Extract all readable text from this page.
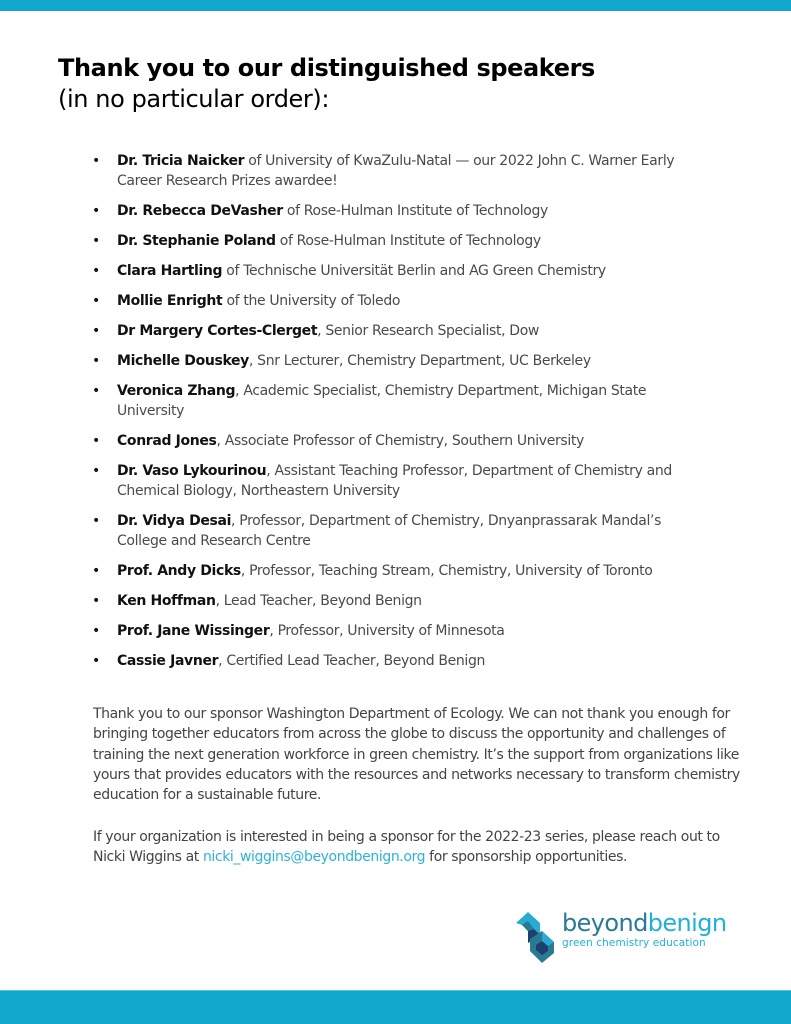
Thank you to our distinguished speakers
(in no particular order):
• Dr. Tricia Naicker of University of KwaZulu-Natal — our 2022 John C. Warner Early Career Research Prizes awardee!
• Dr. Rebecca DeVasher of Rose-Hulman Institute of Technology
• Dr. Stephanie Poland of Rose-Hulman Institute of Technology
• Clara Hartling of Technische Universität Berlin and AG Green Chemistry
• Mollie Enright of the University of Toledo
• Dr Margery Cortes-Clerget, Senior Research Specialist, Dow
• Michelle Douskey, Snr Lecturer, Chemistry Department, UC Berkeley
• Veronica Zhang, Academic Specialist, Chemistry Department, Michigan State University
• Conrad Jones, Associate Professor of Chemistry, Southern University
• Dr. Vaso Lykourinou, Assistant Teaching Professor, Department of Chemistry and Chemical Biology, Northeastern University
• Dr. Vidya Desai, Professor, Department of Chemistry, Dnyanprassarak Mandal’s College and Research Centre
• Prof. Andy Dicks, Professor, Teaching Stream, Chemistry, University of Toronto
• Ken Hoffman, Lead Teacher, Beyond Benign
• Prof. Jane Wissinger, Professor, University of Minnesota
• Cassie Javner, Certified Lead Teacher, Beyond Benign

Thank you to our sponsor Washington Department of Ecology. We can not thank you enough for bringing together educators from across the globe to discuss the opportunity and challenges of training the next generation workforce in green chemistry. It’s the support from organizations like yours that provides educators with the resources and networks necessary to transform chemistry education for a sustainable future.

If your organization is interested in being a sponsor for the 2022-23 series, please reach out to Nicki Wiggins at nicki_wiggins@beyondbenign.org for sponsorship opportunities.

beyondbenign
green chemistry education
